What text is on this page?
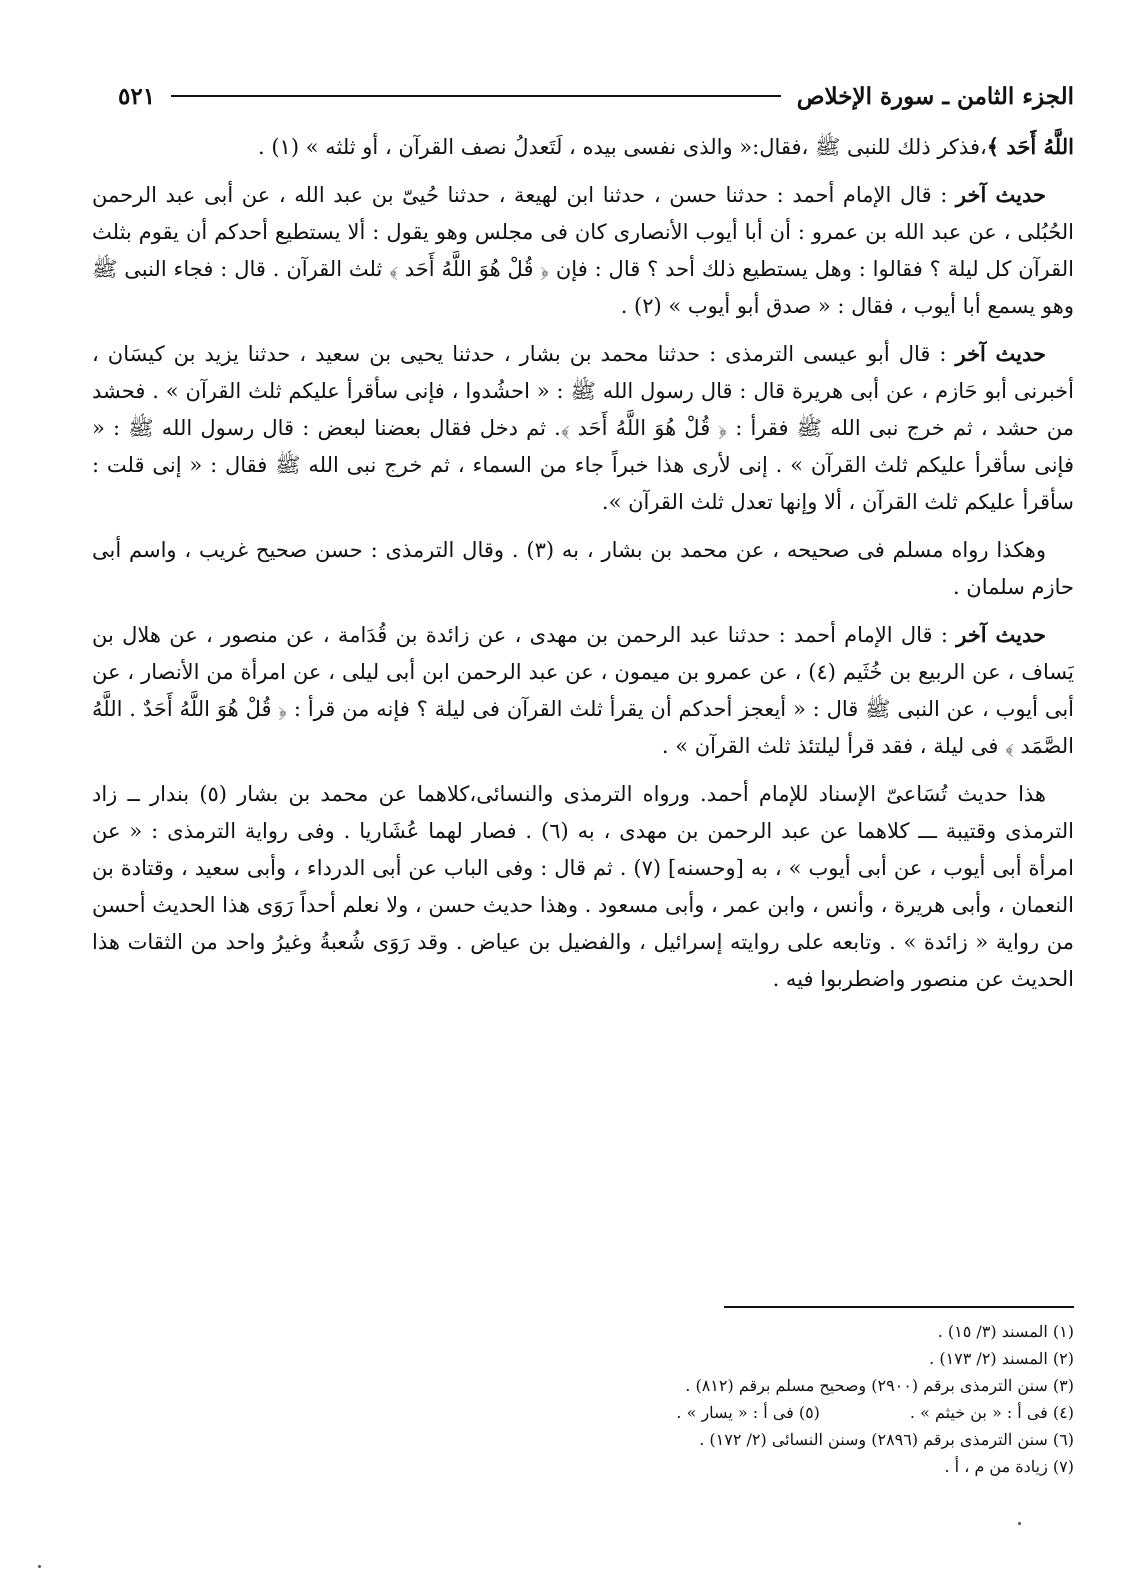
الجزء الثامن ـ سورة الإخلاص
٥٢١

اللَّهُ أَحَد ﴾،فذكر ذلك للنبى ﷺ ،فقال:« والذى نفسى بيده ، لَتَعدلُ نصف القرآن ، أو ثلثه » (١) .

حديث آخر : قال الإمام أحمد : حدثنا حسن ، حدثنا ابن لهيعة ، حدثنا حُيىّ بن عبد الله ، عن أبى عبد الرحمن الحُبُلى ، عن عبد الله بن عمرو : أن أبا أيوب الأنصارى كان فى مجلس وهو يقول : ألا يستطيع أحدكم أن يقوم بثلث القرآن كل ليلة ؟ فقالوا : وهل يستطيع ذلك أحد ؟ قال : فإن ﴿ قُلْ هُوَ اللَّهُ أَحَد ﴾ ثلث القرآن . قال : فجاء النبى ﷺ وهو يسمع أبا أيوب ، فقال : « صدق أبو أيوب » (٢) .

حديث آخر : قال أبو عيسى الترمذى : حدثنا محمد بن بشار ، حدثنا يحيى بن سعيد ، حدثنا يزيد بن كيسَان ، أخبرنى أبو حَازم ، عن أبى هريرة قال : قال رسول الله ﷺ : « احشُدوا ، فإنى سأقرأ عليكم ثلث القرآن » . فحشد من حشد ، ثم خرج نبى الله ﷺ فقرأ : ﴿ قُلْ هُوَ اللَّهُ أَحَد ﴾. ثم دخل فقال بعضنا لبعض : قال رسول الله ﷺ : « فإنى سأقرأ عليكم ثلث القرآن » . إنى لأرى هذا خبراً جاء من السماء ، ثم خرج نبى الله ﷺ فقال : « إنى قلت : سأقرأ عليكم ثلث القرآن ، ألا وإنها تعدل ثلث القرآن ».

وهكذا رواه مسلم فى صحيحه ، عن محمد بن بشار ، به (٣) . وقال الترمذى : حسن صحيح غريب ، واسم أبى حازم سلمان .

حديث آخر : قال الإمام أحمد : حدثنا عبد الرحمن بن مهدى ، عن زائدة بن قُدَامة ، عن منصور ، عن هلال بن يَساف ، عن الربيع بن خُثَيم (٤) ، عن عمرو بن ميمون ، عن عبد الرحمن ابن أبى ليلى ، عن امرأة من الأنصار ، عن أبى أيوب ، عن النبى ﷺ قال : « أيعجز أحدكم أن يقرأ ثلث القرآن فى ليلة ؟ فإنه من قرأ : ﴿ قُلْ هُوَ اللَّهُ أَحَدٌ . اللَّهُ الصَّمَد ﴾ فى ليلة ، فقد قرأ ليلتئذ ثلث القرآن » .

هذا حديث تُسَاعىّ الإسناد للإمام أحمد. ورواه الترمذى والنسائى،كلاهما عن محمد بن بشار (٥) بندار ــ زاد الترمذى وقتيبة ـــ كلاهما عن عبد الرحمن بن مهدى ، به (٦) . فصار لهما عُشَاريا . وفى رواية الترمذى : « عن امرأة أبى أيوب ، عن أبى أيوب » ، به [وحسنه] (٧) . ثم قال : وفى الباب عن أبى الدرداء ، وأبى سعيد ، وقتادة بن النعمان ، وأبى هريرة ، وأنس ، وابن عمر ، وأبى مسعود . وهذا حديث حسن ، ولا نعلم أحداً رَوَى هذا الحديث أحسن من رواية « زائدة » . وتابعه على روايته إسرائيل ، والفضيل بن عياض . وقد رَوَى شُعبةُ وغيرُ واحد من الثقات هذا الحديث عن منصور واضطربوا فيه .

(١) المسند (٣/ ١٥) .

(٢) المسند (٢/ ١٧٣) .

(٣) سنن الترمذى برقم (٢٩٠٠) وصحيح مسلم برقم (٨١٢) .

(٤) فى أ : « بن خيثم » .

(٥) فى أ : « يسار » .

(٦) سنن الترمذى برقم (٢٨٩٦) وسنن النسائى (٢/ ١٧٢) .

(٧) زيادة من م ، أ .
